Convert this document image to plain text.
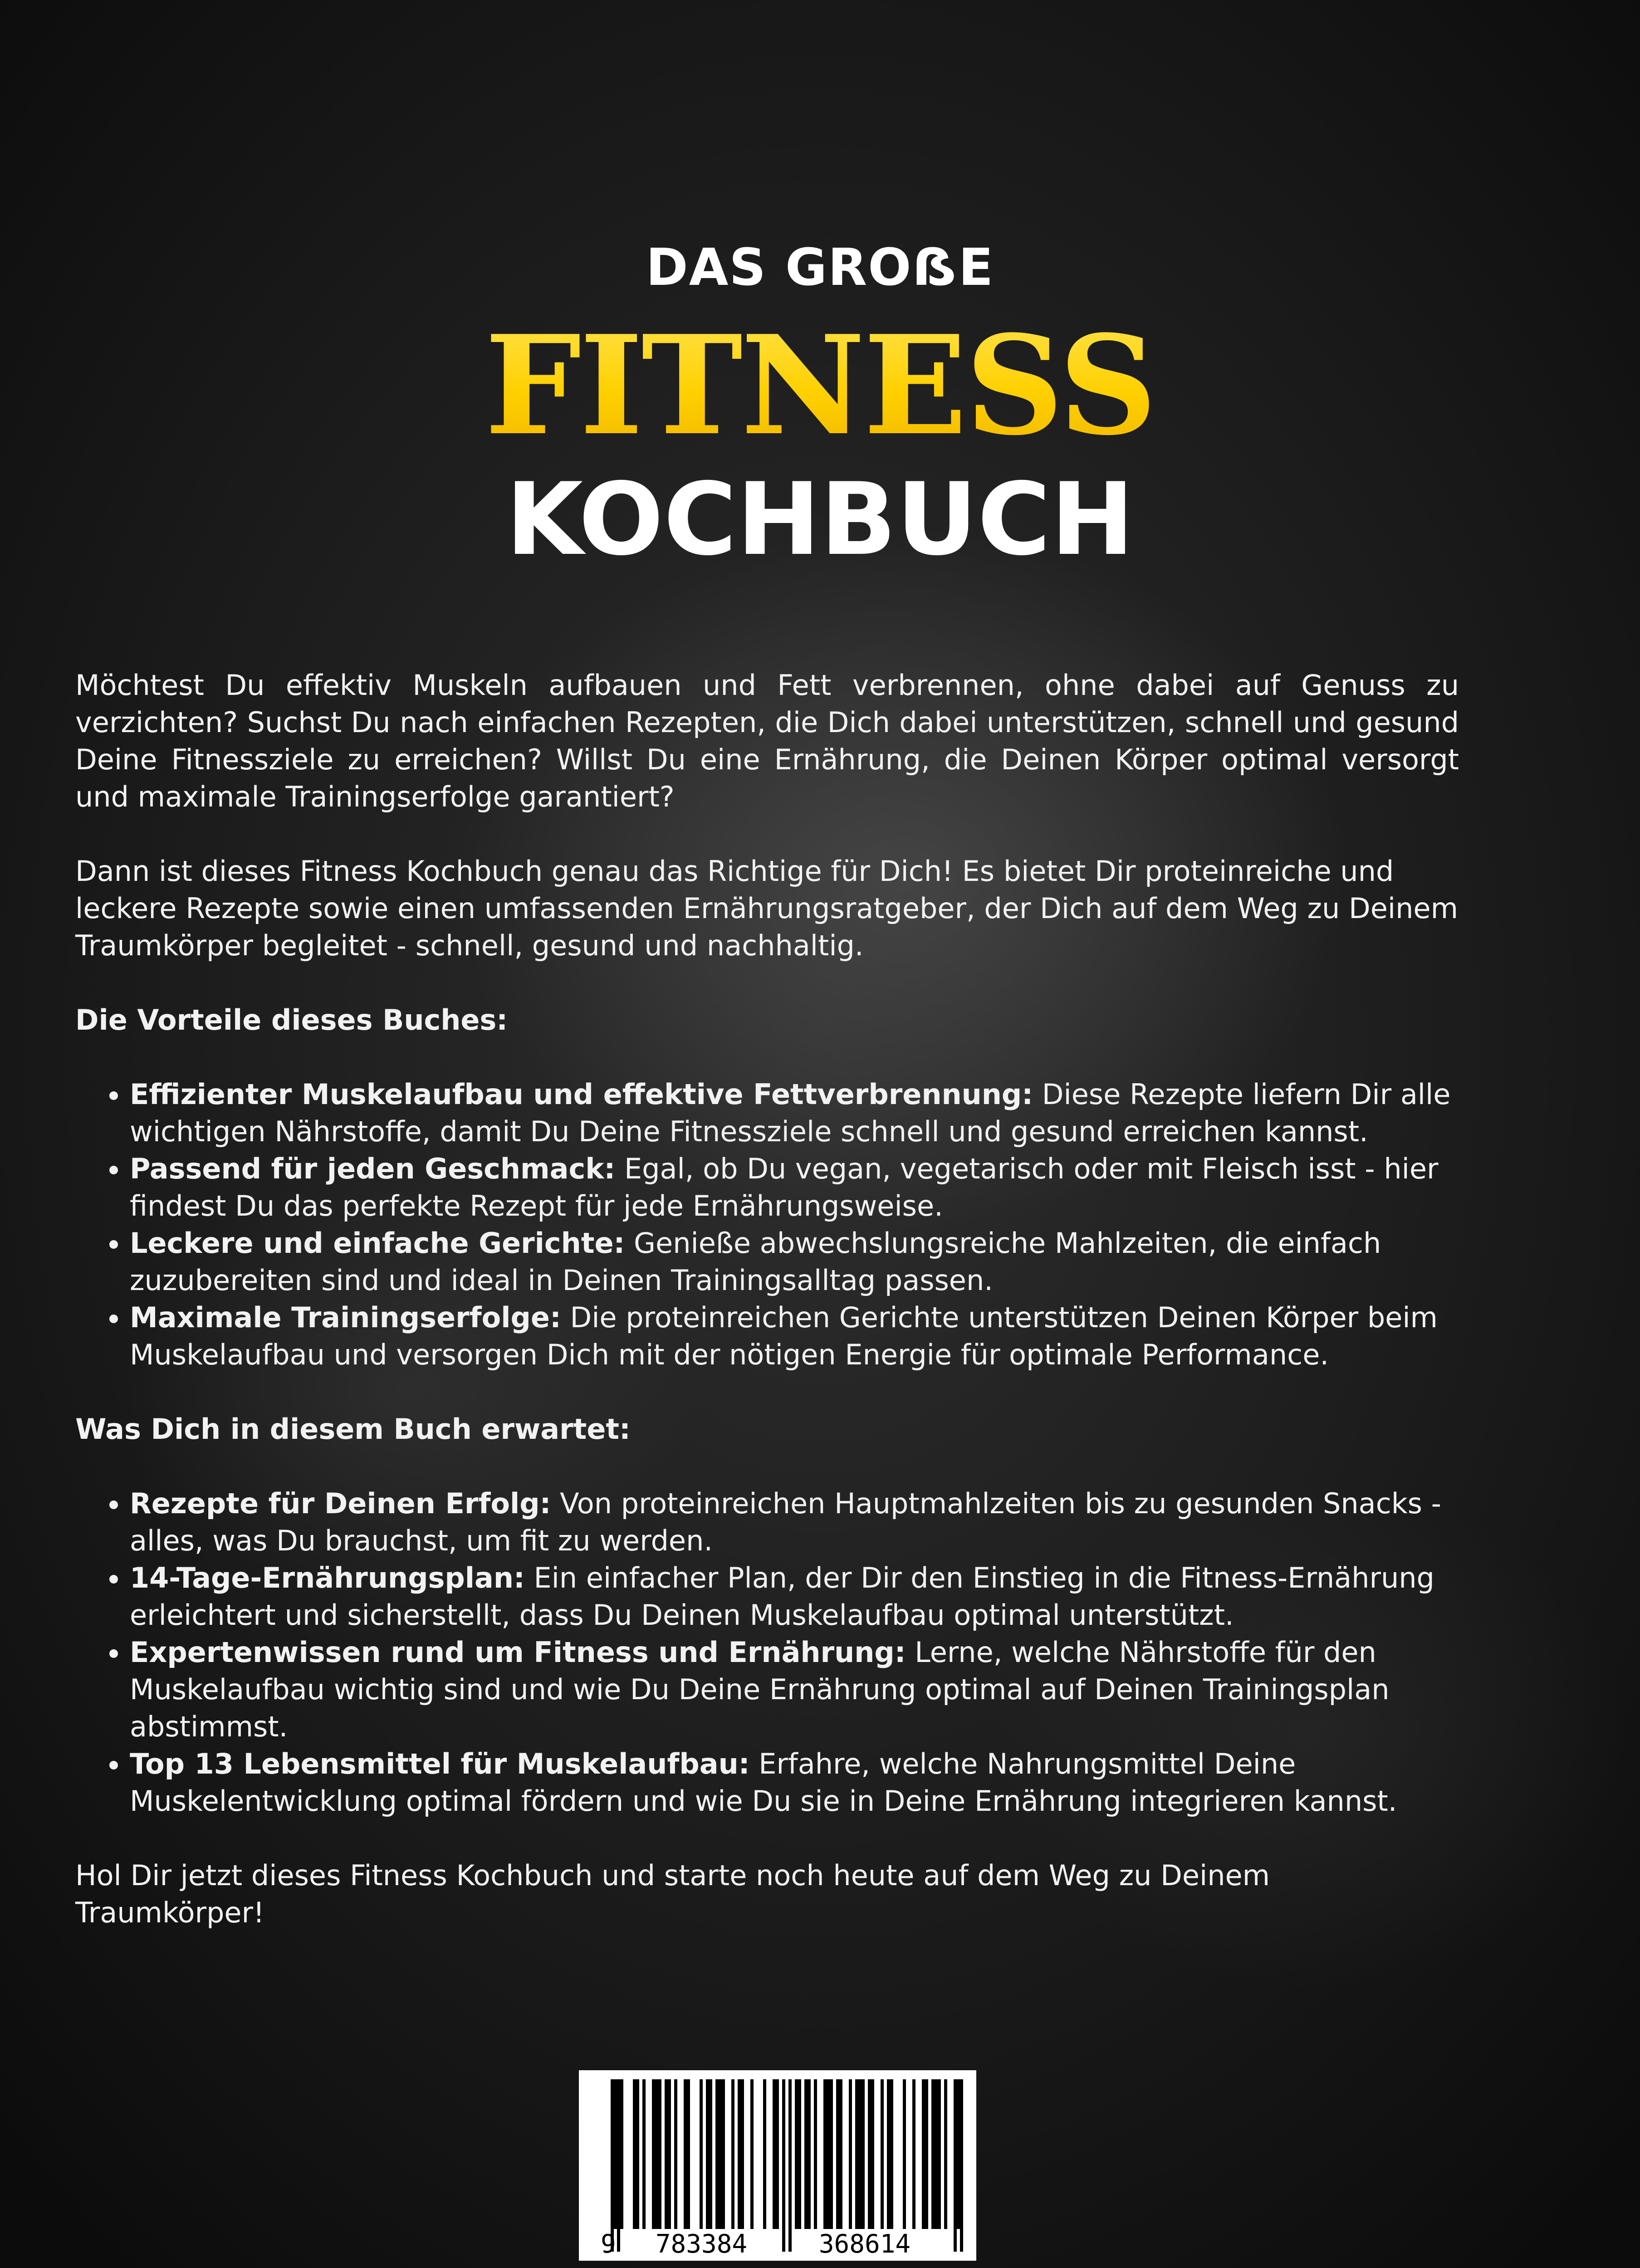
DAS GROẞE
FITNESS
KOCHBUCH

Möchtest Du effektiv Muskeln aufbauen und Fett verbrennen, ohne dabei auf Genuss zu verzichten? Suchst Du nach einfachen Rezepten, die Dich dabei unterstützen, schnell und gesund Deine Fitnessziele zu erreichen? Willst Du eine Ernährung, die Deinen Körper optimal versorgt und maximale Trainingserfolge garantiert?

Dann ist dieses Fitness Kochbuch genau das Richtige für Dich! Es bietet Dir proteinreiche und leckere Rezepte sowie einen umfassenden Ernährungsratgeber, der Dich auf dem Weg zu Deinem Traumkörper begleitet - schnell, gesund und nachhaltig.

Die Vorteile dieses Buches:
• Effizienter Muskelaufbau und effektive Fettverbrennung: Diese Rezepte liefern Dir alle wichtigen Nährstoffe, damit Du Deine Fitnessziele schnell und gesund erreichen kannst.
• Passend für jeden Geschmack: Egal, ob Du vegan, vegetarisch oder mit Fleisch isst - hier findest Du das perfekte Rezept für jede Ernährungsweise.
• Leckere und einfache Gerichte: Genieße abwechslungsreiche Mahlzeiten, die einfach zuzubereiten sind und ideal in Deinen Trainingsalltag passen.
• Maximale Trainingserfolge: Die proteinreichen Gerichte unterstützen Deinen Körper beim Muskelaufbau und versorgen Dich mit der nötigen Energie für optimale Performance.
Was Dich in diesem Buch erwartet:
• Rezepte für Deinen Erfolg: Von proteinreichen Hauptmahlzeiten bis zu gesunden Snacks - alles, was Du brauchst, um fit zu werden.
• 14-Tage-Ernährungsplan: Ein einfacher Plan, der Dir den Einstieg in die Fitness-Ernährung erleichtert und sicherstellt, dass Du Deinen Muskelaufbau optimal unterstützt.
• Expertenwissen rund um Fitness und Ernährung: Lerne, welche Nährstoffe für den Muskelaufbau wichtig sind und wie Du Deine Ernährung optimal auf Deinen Trainingsplan abstimmst.
• Top 13 Lebensmittel für Muskelaufbau: Erfahre, welche Nahrungsmittel Deine Muskelentwicklung optimal fördern und wie Du sie in Deine Ernährung integrieren kannst.

Hol Dir jetzt dieses Fitness Kochbuch und starte noch heute auf dem Weg zu Deinem Traumkörper!

9 783384	368614
